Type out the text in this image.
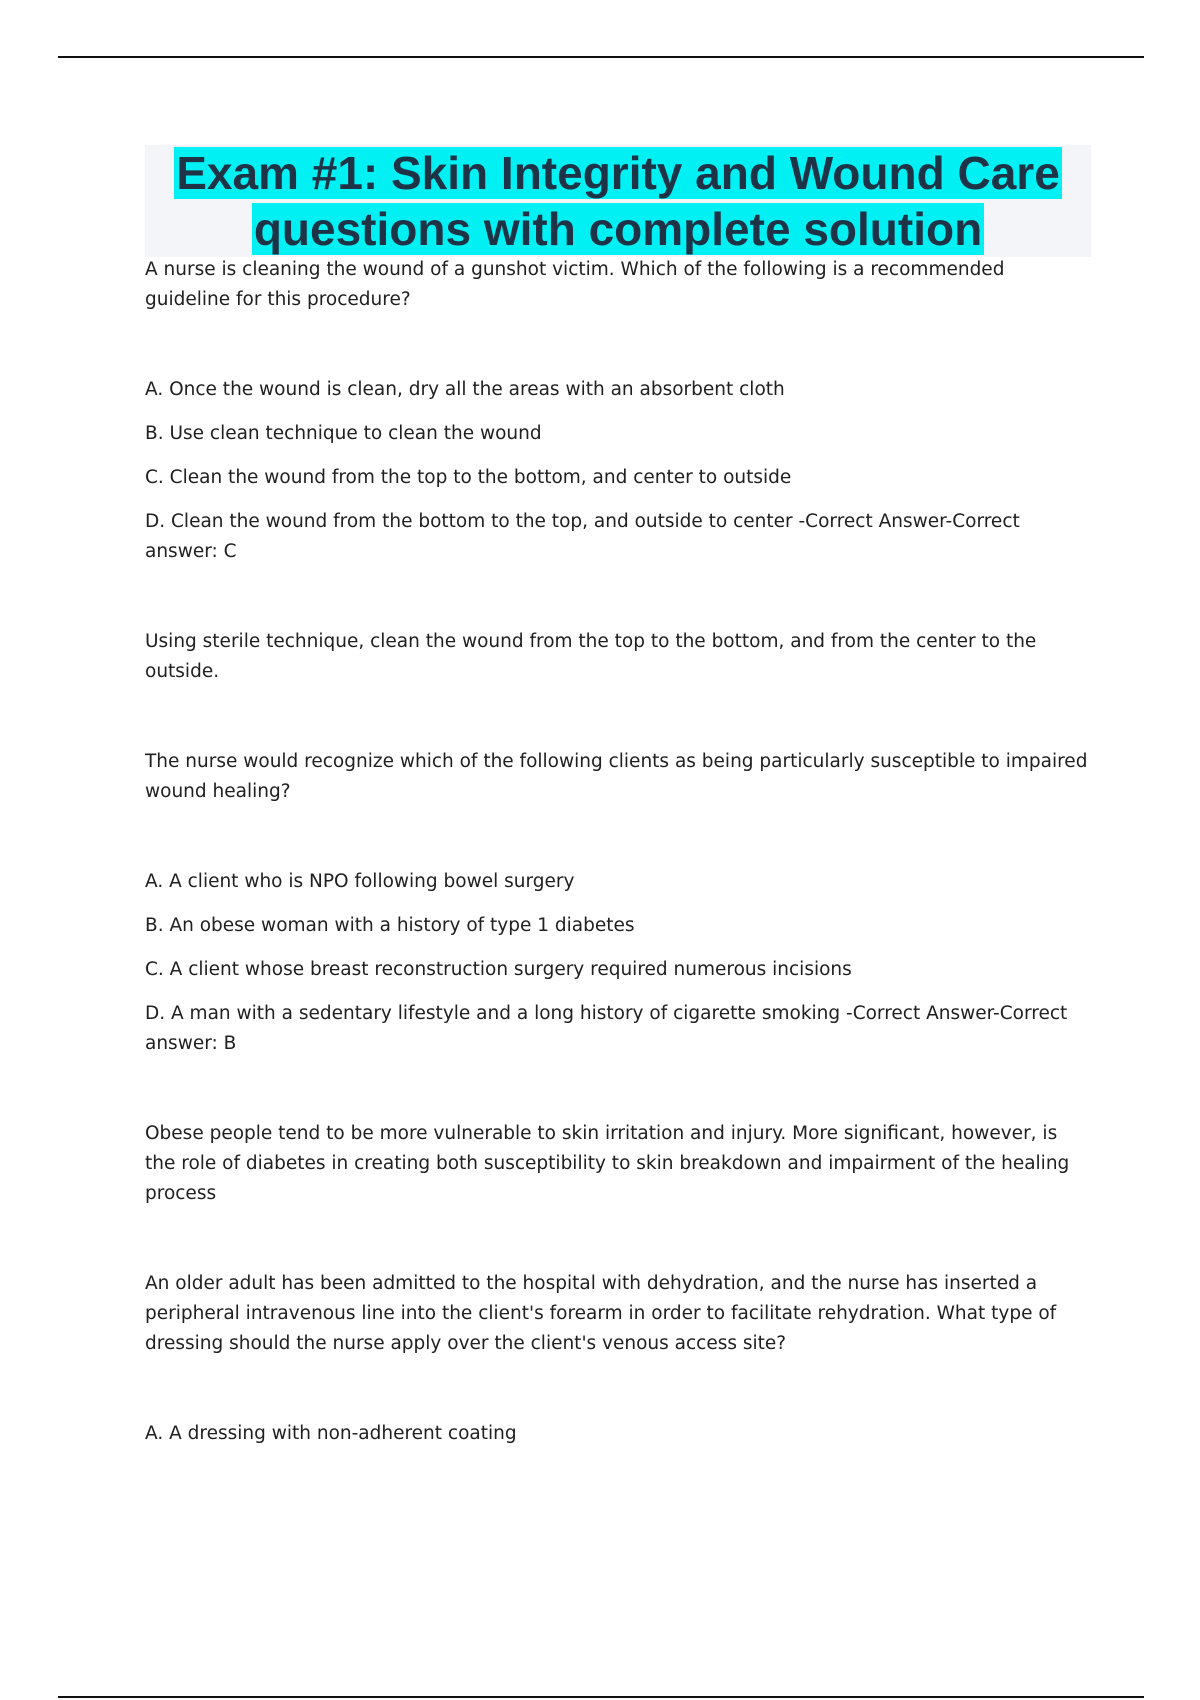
Exam #1: Skin Integrity and Wound Care
questions with complete solution

A nurse is cleaning the wound of a gunshot victim. Which of the following is a recommended guideline for this procedure?

A. Once the wound is clean, dry all the areas with an absorbent cloth

B. Use clean technique to clean the wound

C. Clean the wound from the top to the bottom, and center to outside

D. Clean the wound from the bottom to the top, and outside to center -Correct Answer-Correct answer: C

Using sterile technique, clean the wound from the top to the bottom, and from the center to the outside.

The nurse would recognize which of the following clients as being particularly susceptible to impaired wound healing?

A. A client who is NPO following bowel surgery

B. An obese woman with a history of type 1 diabetes

C. A client whose breast reconstruction surgery required numerous incisions

D. A man with a sedentary lifestyle and a long history of cigarette smoking -Correct Answer-Correct answer: B

Obese people tend to be more vulnerable to skin irritation and injury. More significant, however, is the role of diabetes in creating both susceptibility to skin breakdown and impairment of the healing process

An older adult has been admitted to the hospital with dehydration, and the nurse has inserted a peripheral intravenous line into the client's forearm in order to facilitate rehydration. What type of dressing should the nurse apply over the client's venous access site?

A. A dressing with non-adherent coating
